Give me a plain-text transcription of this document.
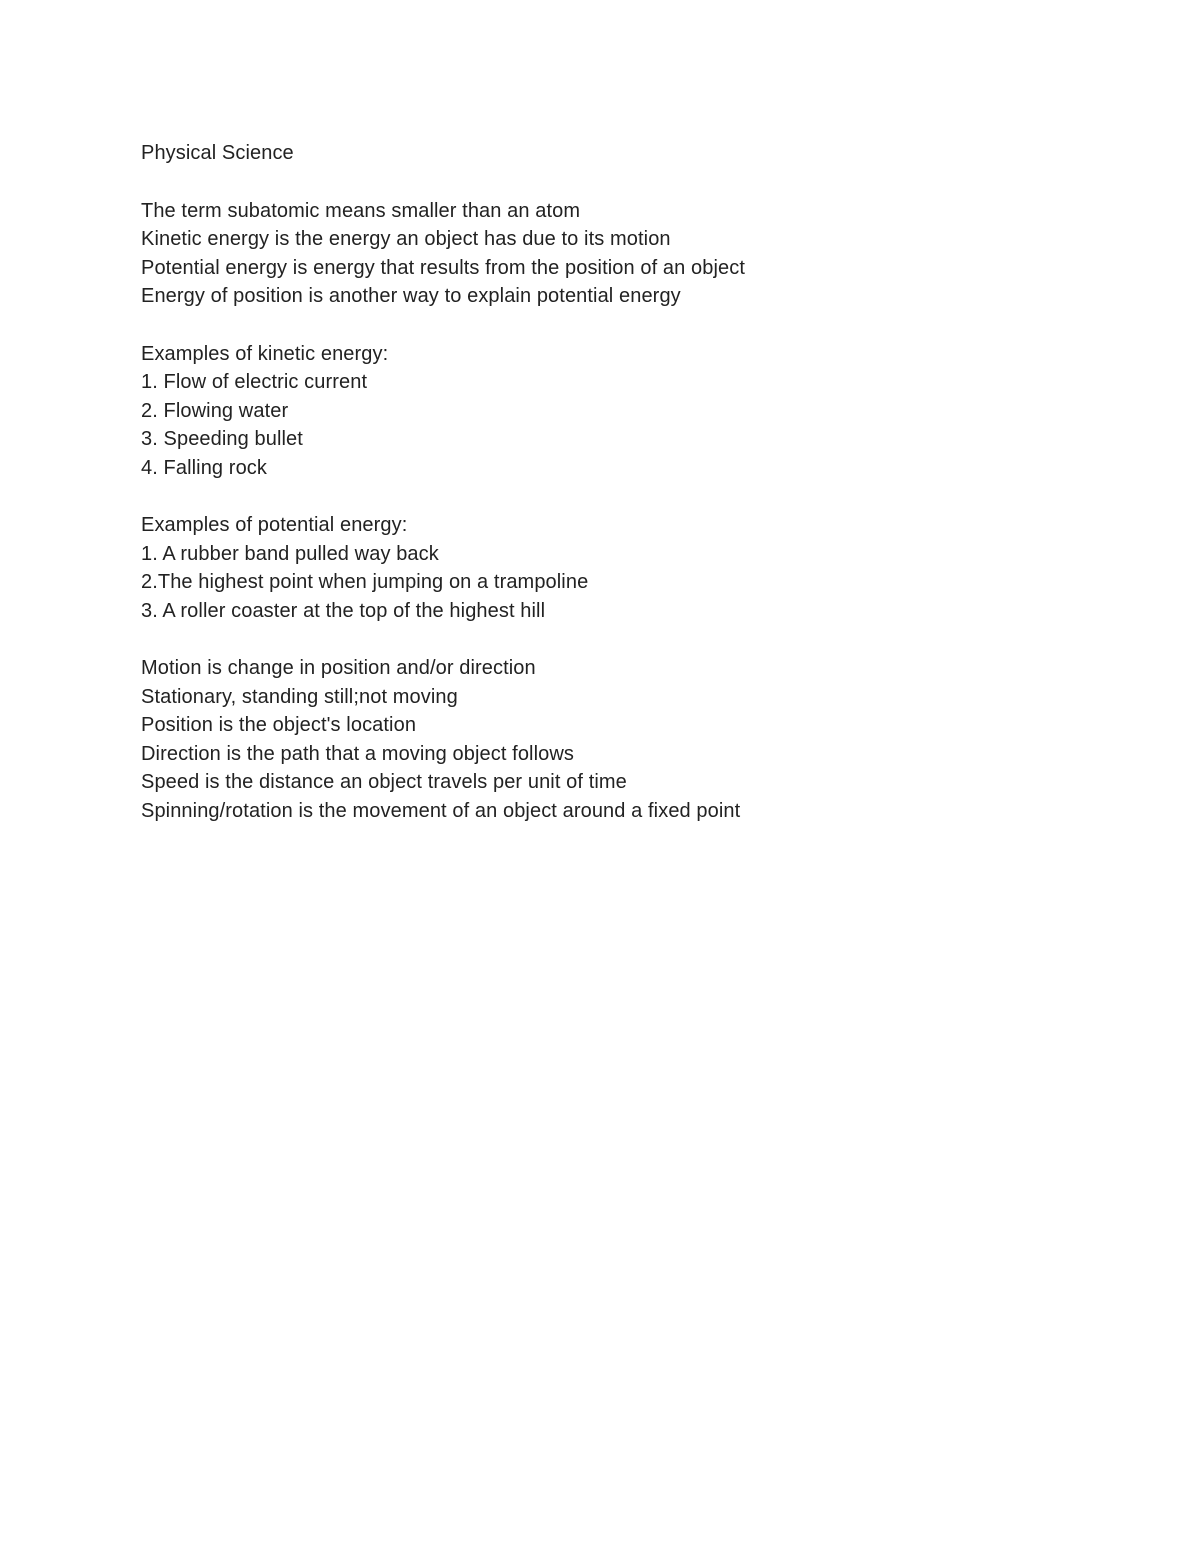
Physical Science
The term subatomic means smaller than an atom
Kinetic energy is the energy an object has due to its motion
Potential energy is energy that results from the position of an object
Energy of position is another way to explain potential energy
Examples of kinetic energy:
1. Flow of electric current
2. Flowing water
3. Speeding bullet
4. Falling rock
Examples of potential energy:
1. A rubber band pulled way back
2.The highest point when jumping on a trampoline
3. A roller coaster at the top of the highest hill
Motion is change in position and/or direction
Stationary, standing still;not moving
Position is the object's location
Direction is the path that a moving object follows
Speed is the distance an object travels per unit of time
Spinning/rotation is the movement of an object around a fixed point
